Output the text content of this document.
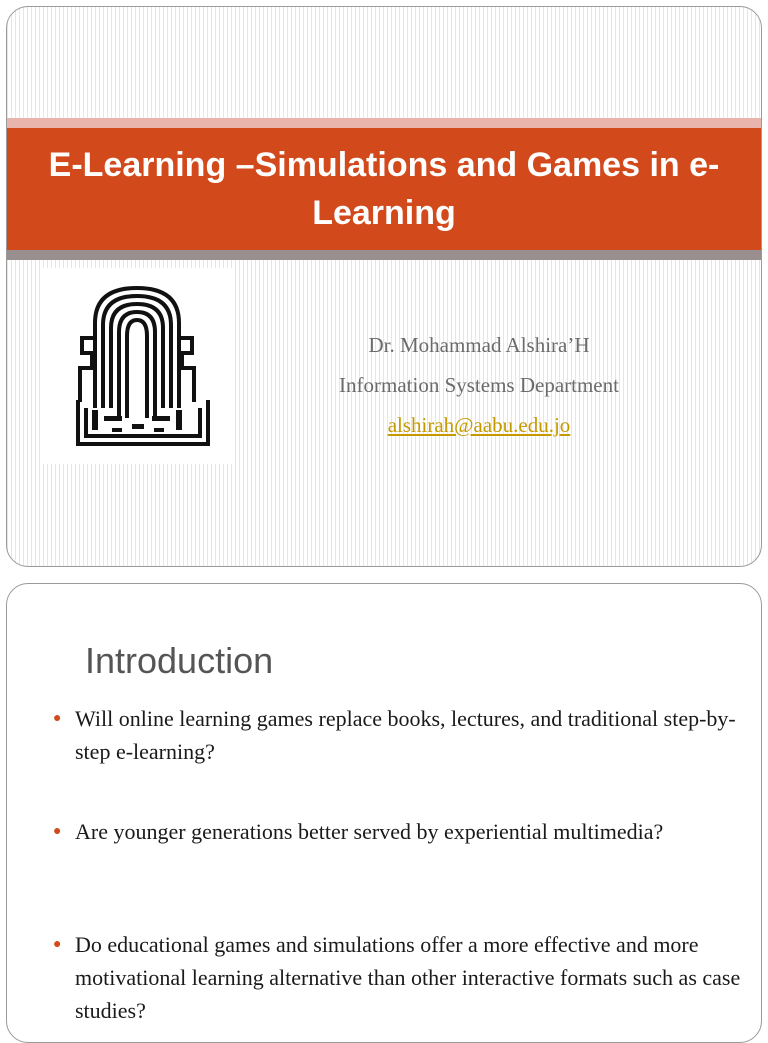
E-Learning –Simulations and Games in e-Learning
Dr. Mohammad Alshira’H
Information Systems Department
alshirah@aabu.edu.jo
Introduction
● Will online learning games replace books, lectures, and traditional step-by-step e-learning?
● Are younger generations better served by experiential multimedia?
● Do educational games and simulations offer a more effective and more motivational learning alternative than other interactive formats such as case studies?
